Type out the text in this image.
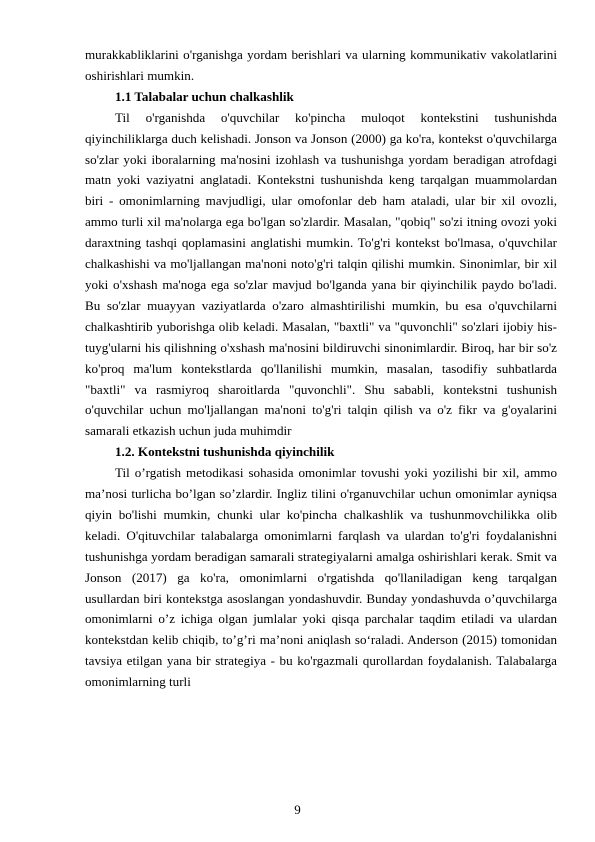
murakkabliklarini o'rganishga yordam berishlari va ularning kommunikativ vakolatlarini oshirishlari mumkin.

1.1 Talabalar uchun chalkashlik

Til o'rganishda o'quvchilar ko'pincha muloqot kontekstini tushunishda qiyinchiliklarga duch kelishadi. Jonson va Jonson (2000) ga ko'ra, kontekst o'quvchilarga so'zlar yoki iboralarning ma'nosini izohlash va tushunishga yordam beradigan atrofdagi matn yoki vaziyatni anglatadi. Kontekstni tushunishda keng tarqalgan muammolardan biri - omonimlarning mavjudligi, ular omofonlar deb ham ataladi, ular bir xil ovozli, ammo turli xil ma'nolarga ega bo'lgan so'zlardir. Masalan, "qobiq" so'zi itning ovozi yoki daraxtning tashqi qoplamasini anglatishi mumkin. To'g'ri kontekst bo'lmasa, o'quvchilar chalkashishi va mo'ljallangan ma'noni noto'g'ri talqin qilishi mumkin. Sinonimlar, bir xil yoki o'xshash ma'noga ega so'zlar mavjud bo'lganda yana bir qiyinchilik paydo bo'ladi. Bu so'zlar muayyan vaziyatlarda o'zaro almashtirilishi mumkin, bu esa o'quvchilarni chalkashtirib yuborishga olib keladi. Masalan, "baxtli" va "quvonchli" so'zlari ijobiy his-tuyg'ularni his qilishning o'xshash ma'nosini bildiruvchi sinonimlardir. Biroq, har bir so'z ko'proq ma'lum kontekstlarda qo'llanilishi mumkin, masalan, tasodifiy suhbatlarda "baxtli" va rasmiyroq sharoitlarda "quvonchli". Shu sababli, kontekstni tushunish o'quvchilar uchun mo'ljallangan ma'noni to'g'ri talqin qilish va o'z fikr va g'oyalarini samarali etkazish uchun juda muhimdir

1.2. Kontekstni tushunishda qiyinchilik

Til o’rgatish metodikasi sohasida omonimlar tovushi yoki yozilishi bir xil, ammo ma’nosi turlicha bo’lgan so’zlardir. Ingliz tilini o'rganuvchilar uchun omonimlar ayniqsa qiyin bo'lishi mumkin, chunki ular ko'pincha chalkashlik va tushunmovchilikka olib keladi. O'qituvchilar talabalarga omonimlarni farqlash va ulardan to'g'ri foydalanishni tushunishga yordam beradigan samarali strategiyalarni amalga oshirishlari kerak. Smit va Jonson (2017) ga ko'ra, omonimlarni o'rgatishda qo'llaniladigan keng tarqalgan usullardan biri kontekstga asoslangan yondashuvdir. Bunday yondashuvda o’quvchilarga omonimlarni o’z ichiga olgan jumlalar yoki qisqa parchalar taqdim etiladi va ulardan kontekstdan kelib chiqib, to’g’ri ma’noni aniqlash soʻraladi. Anderson (2015) tomonidan tavsiya etilgan yana bir strategiya - bu ko'rgazmali qurollardan foydalanish. Talabalarga omonimlarning turli

9
